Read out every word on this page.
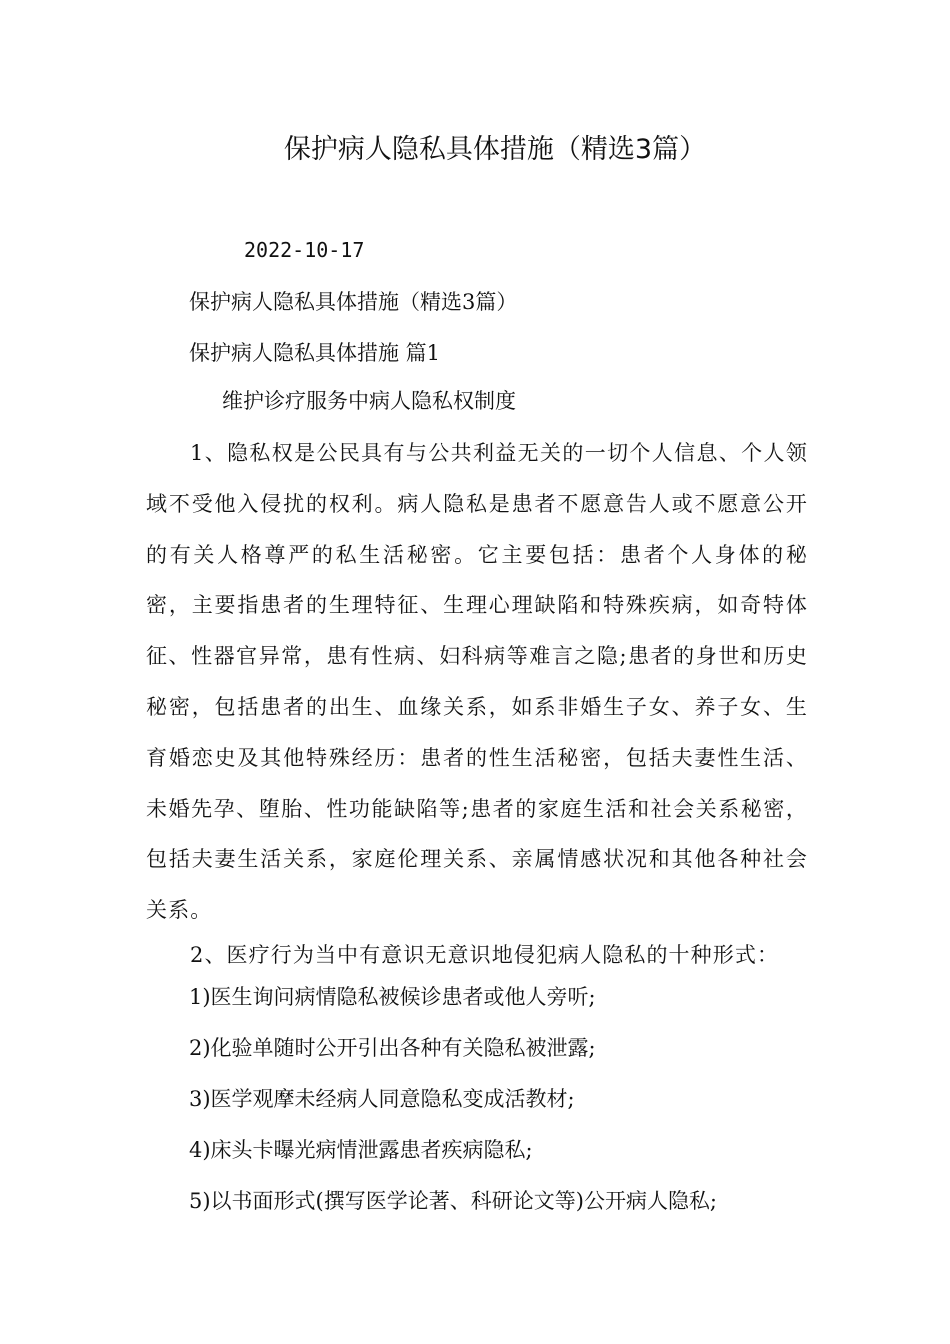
保护病人隐私具体措施（精选3篇）
2022-10-17
保护病人隐私具体措施（精选3篇）
保护病人隐私具体措施 篇1
维护诊疗服务中病人隐私权制度
1、隐私权是公民具有与公共利益无关的一切个人信息、个人领域不受他入侵扰的权利。病人隐私是患者不愿意告人或不愿意公开的有关人格尊严的私生活秘密。它主要包括：患者个人身体的秘密，主要指患者的生理特征、生理心理缺陷和特殊疾病，如奇特体征、性器官异常，患有性病、妇科病等难言之隐;患者的身世和历史秘密，包括患者的出生、血缘关系，如系非婚生子女、养子女、生育婚恋史及其他特殊经历：患者的性生活秘密，包括夫妻性生活、未婚先孕、堕胎、性功能缺陷等;患者的家庭生活和社会关系秘密，包括夫妻生活关系，家庭伦理关系、亲属情感状况和其他各种社会关系。
2、医疗行为当中有意识无意识地侵犯病人隐私的十种形式：
1)医生询问病情隐私被候诊患者或他人旁听;
2)化验单随时公开引出各种有关隐私被泄露;
3)医学观摩未经病人同意隐私变成活教材;
4)床头卡曝光病情泄露患者疾病隐私;
5)以书面形式(撰写医学论著、科研论文等)公开病人隐私;
